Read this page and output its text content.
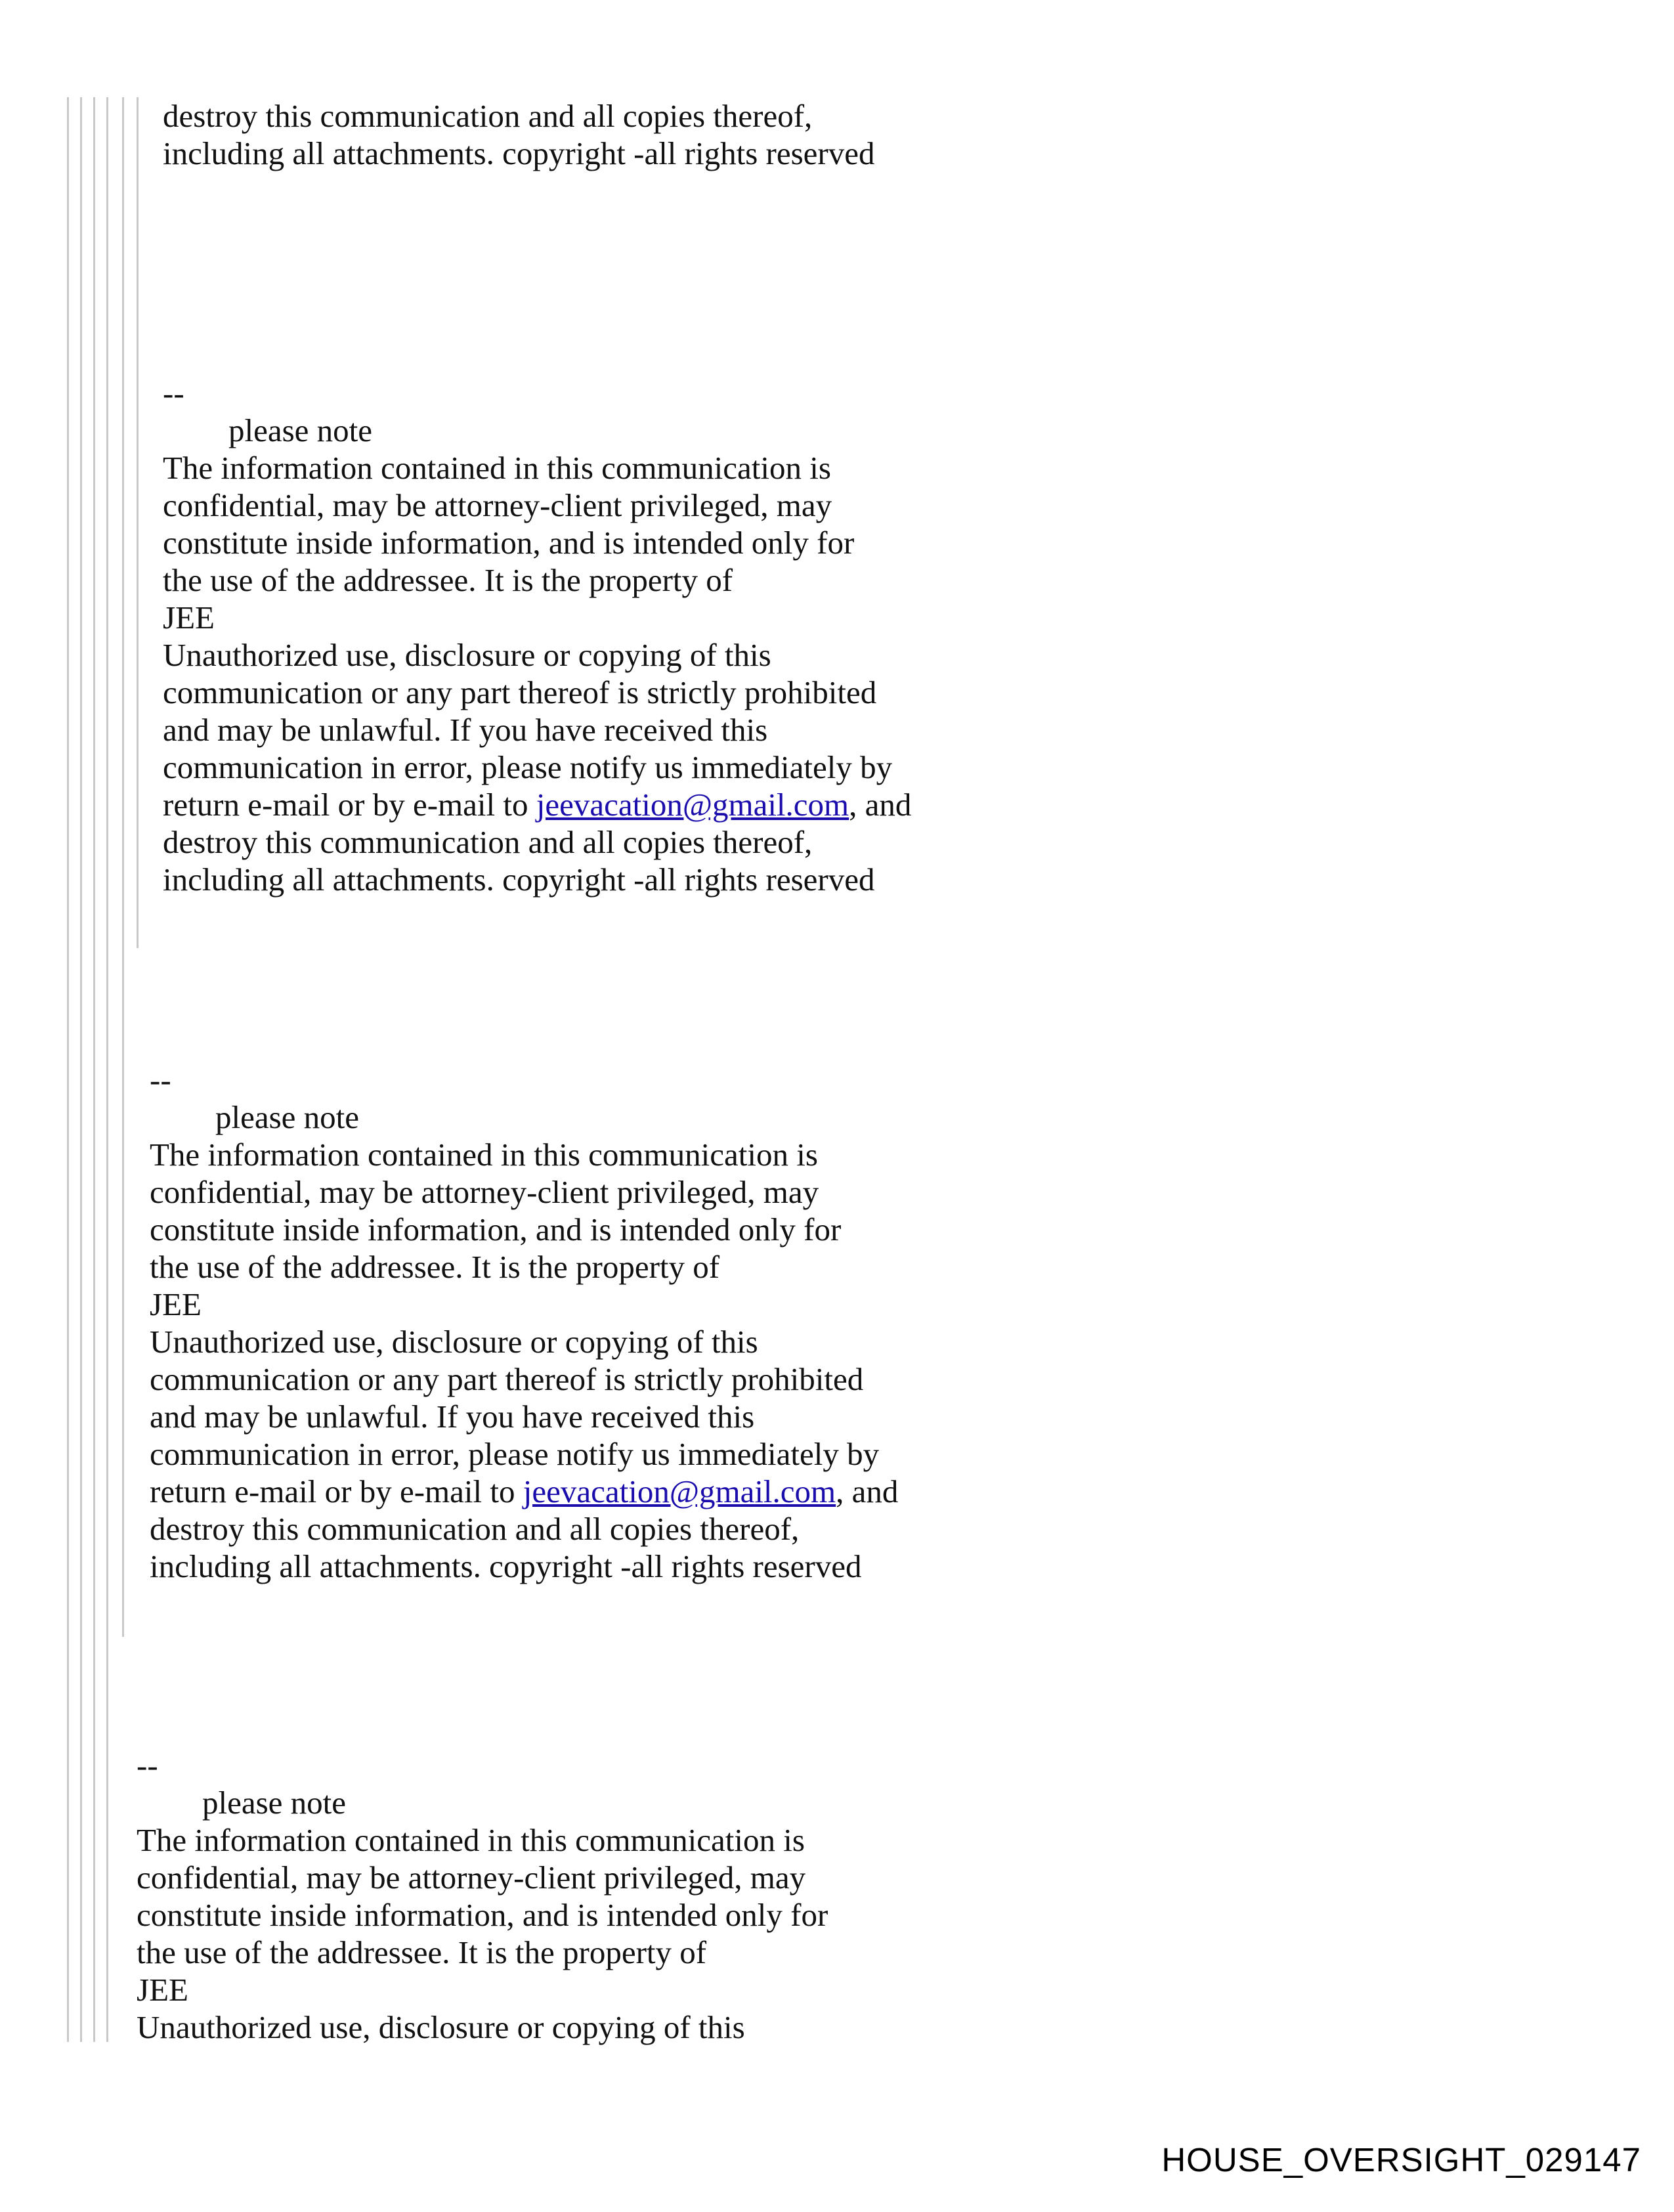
destroy this communication and all copies thereof,
including all attachments. copyright -all rights reserved
--
please note
The information contained in this communication is
confidential, may be attorney-client privileged, may
constitute inside information, and is intended only for
the use of the addressee. It is the property of
JEE
Unauthorized use, disclosure or copying of this
communication or any part thereof is strictly prohibited
and may be unlawful. If you have received this
communication in error, please notify us immediately by
return e-mail or by e-mail to jeevacation@gmail.com, and
destroy this communication and all copies thereof,
including all attachments. copyright -all rights reserved
--
please note
The information contained in this communication is
confidential, may be attorney-client privileged, may
constitute inside information, and is intended only for
the use of the addressee. It is the property of
JEE
Unauthorized use, disclosure or copying of this
communication or any part thereof is strictly prohibited
and may be unlawful. If you have received this
communication in error, please notify us immediately by
return e-mail or by e-mail to jeevacation@gmail.com, and
destroy this communication and all copies thereof,
including all attachments. copyright -all rights reserved
--
please note
The information contained in this communication is
confidential, may be attorney-client privileged, may
constitute inside information, and is intended only for
the use of the addressee. It is the property of
JEE
Unauthorized use, disclosure or copying of this
HOUSE_OVERSIGHT_029147
